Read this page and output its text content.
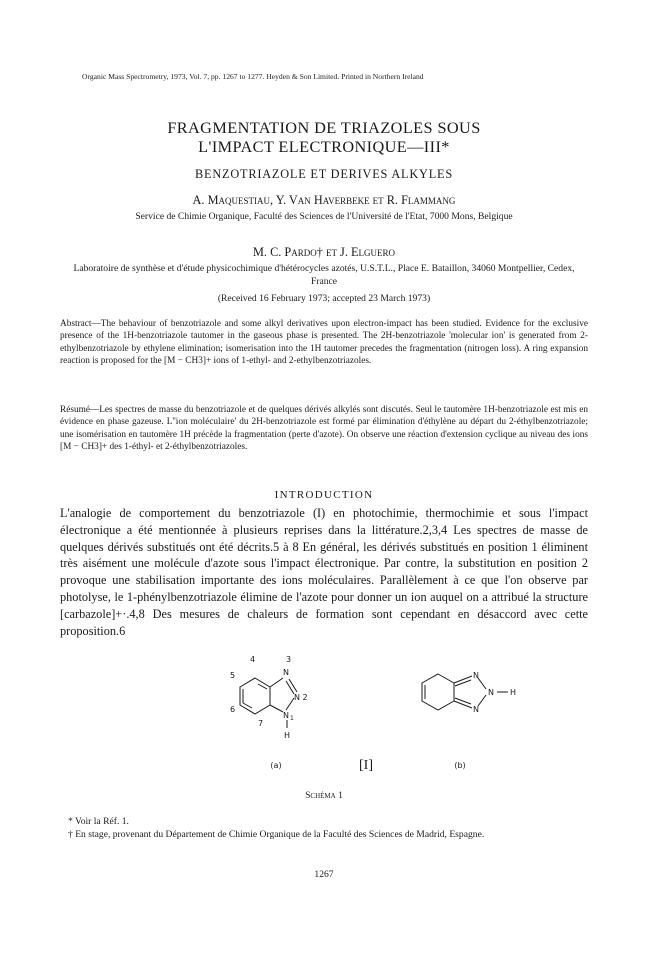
Organic Mass Spectrometry, 1973, Vol. 7, pp. 1267 to 1277. Heyden & Son Limited. Printed in Northern Ireland
FRAGMENTATION DE TRIAZOLES SOUS
L'IMPACT ELECTRONIQUE—III*
BENZOTRIAZOLE ET DERIVES ALKYLES
A. Maquestiau, Y. Van Haverbeke et R. Flammang
Service de Chimie Organique, Faculté des Sciences de l'Université de l'Etat, 7000 Mons, Belgique
M. C. Pardo† et J. Elguero
Laboratoire de synthèse et d'étude physicochimique d'hétérocycles azotés, U.S.T.L., Place E. Bataillon, 34060 Montpellier, Cedex, France
(Received 16 February 1973; accepted 23 March 1973)
Abstract—The behaviour of benzotriazole and some alkyl derivatives upon electron-impact has been studied. Evidence for the exclusive presence of the 1H-benzotriazole tautomer in the gaseous phase is presented. The 2H-benzotriazole 'molecular ion' is generated from 2-ethylbenzotriazole by ethylene elimination; isomerisation into the 1H tautomer precedes the fragmentation (nitrogen loss). A ring expansion reaction is proposed for the [M − CH3]+ ions of 1-ethyl- and 2-ethylbenzotriazoles.
Résumé—Les spectres de masse du benzotriazole et de quelques dérivés alkylés sont discutés. Seul le tautomère 1H-benzotriazole est mis en évidence en phase gazeuse. L''ion moléculaire' du 2H-benzotriazole est formé par élimination d'éthylène au départ du 2-éthylbenzotriazole; une isomérisation en tautomère 1H précède la fragmentation (perte d'azote). On observe une réaction d'extension cyclique au niveau des ions [M − CH3]+ des 1-éthyl- et 2-éthylbenzotriazoles.
INTRODUCTION
L'analogie de comportement du benzotriazole (I) en photochimie, thermochimie et sous l'impact électronique a été mentionnée à plusieurs reprises dans la littérature.2,3,4 Les spectres de masse de quelques dérivés substitués ont été décrits.5 à 8 En général, les dérivés substitués en position 1 éliminent très aisément une molécule d'azote sous l'impact électronique. Par contre, la substitution en position 2 provoque une stabilisation importante des ions moléculaires. Parallèlement à ce que l'on observe par photolyse, le 1-phénylbenzotriazole élimine de l'azote pour donner un ion auquel on a attribué la structure [carbazole]+·.4,8 Des mesures de chaleurs de formation sont cependant en désaccord avec cette proposition.6
4	3
N
5
N 2
6
N 1
7
H
N
N
N
H
(a)	[I]	(b)
Schéma 1
* Voir la Réf. 1.
† En stage, provenant du Département de Chimie Organique de la Faculté des Sciences de Madrid, Espagne.
1267
